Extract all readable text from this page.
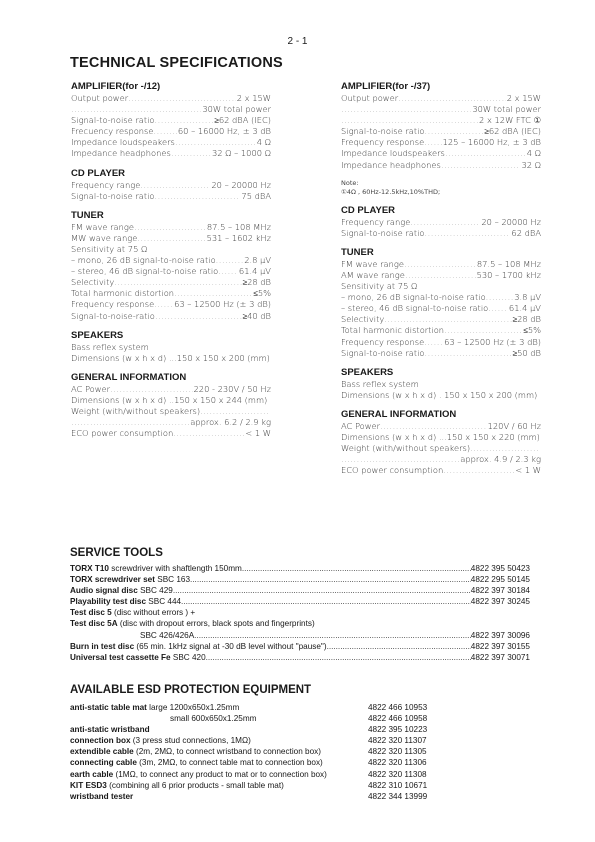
2 - 1
TECHNICAL SPECIFICATIONS
AMPLIFIER(for -/12)
Output power .....	2 x 15W
.....
30W total power
Signal-to-noise ratio .....	≥62 dBA (IEC)
Frecuency response .....	60 – 16000 Hz, ± 3 dB
Impedance loudspeakers .....	4 Ω
Impedance headphones .....	32 Ω – 1000 Ω
CD PLAYER
Frequency range .....	20 – 20000 Hz
Signal-to-noise ratio .....	75 dBA
TUNER
FM wave range .....	87.5 – 108 MHz
MW wave range .....	531 – 1602 kHz
Sensitivity at 75 Ω
– mono, 26 dB signal-to-noise ratio .....	2.8 μV
– stereo, 46 dB signal-to-noise ratio ..... 61.4 μV
Selectivity .....	≥28 dB
Total harmonic distortion .....	≤5%
Frequency response ..... 63 – 12500 Hz (± 3 dB)
Signal-to-noise-ratio .....	≥40 dB
SPEAKERS
Bass reflex system
Dimensions (w x h x d) ...150 x 150 x 200 (mm)
GENERAL INFORMATION
AC Power .....	220 - 230V / 50 Hz
Dimensions (w x h x d) ..150 x 150 x 244 (mm)
Weight (with/without speakers)
.....
.....
approx. 6.2 / 2.9 kg
ECO power consumption .....	< 1 W
AMPLIFIER(for -/37)
Output power .....	2 x 15W
.....
30W total power
.....
2 x 12W FTC ①
Signal-to-noise ratio .....	≥62 dBA (IEC)
Frequency response ..... 125 – 16000 Hz, ± 3 dB
Impedance loudspeakers .....	4 Ω
Impedance headphones .....	32 Ω
Note:
①4Ω , 60Hz-12.5kHz,10%THD;
CD PLAYER
Frequency range .....	20 – 20000 Hz
Signal-to-noise ratio .....	62 dBA
TUNER
FM wave range .....	87.5 – 108 MHz
AM wave range .....	530 – 1700 kHz
Sensitivity at 75 Ω
– mono, 26 dB signal-to-noise ratio .....	3.8 μV
– stereo, 46 dB signal-to-noise ratio ..... 61.4 μV
Selectivity .....	≥28 dB
Total harmonic distortion .....	≤5%
Frequency response ..... 63 – 12500 Hz (± 3 dB)
Signal-to-noise ratio .....	≥50 dB
SPEAKERS
Bass reflex system
Dimensions (w x h x d) . 150 x 150 x 200 (mm)
GENERAL INFORMATION
AC Power .....	120V / 60 Hz
Dimensions (w x h x d) ...150 x 150 x 220 (mm)
Weight (with/without speakers)
.....
.....
approx. 4.9 / 2.3 kg
ECO power consumption .....	< 1 W
SERVICE TOOLS
TORX T10 screwdriver with shaftlength 150mm .....	4822 395 50423
TORX screwdriver set SBC 163 .....	4822 295 50145
Audio signal disc SBC 429 .....	4822 397 30184
Playability test disc SBC 444 .....	4822 397 30245
Test disc 5 (disc without errors ) +
Test disc 5A (disc with dropout errors, black spots and fingerprints)
SBC 426/426A .....	4822 397 30096
Burn in test disc (65 min. 1kHz signal at -30 dB level without "pause") .....	4822 397 30155
Universal test cassette Fe SBC 420 .....	4822 397 30071
AVAILABLE ESD PROTECTION EQUIPMENT
anti-static table mat large 1200x650x1.25mm	4822 466 10953
small 600x650x1.25mm	4822 466 10958
anti-static wristband	4822 395 10223
connection box (3 press stud connections, 1MΩ)	4822 320 11307
extendible cable (2m, 2MΩ, to connect wristband to connection box)	4822 320 11305
connecting cable (3m, 2MΩ, to connect table mat to connection box)	4822 320 11306
earth cable (1MΩ, to connect any product to mat or to connection box)	4822 320 11308
KIT ESD3 (combining all 6 prior products - small table mat)	4822 310 10671
wristband tester	4822 344 13999
